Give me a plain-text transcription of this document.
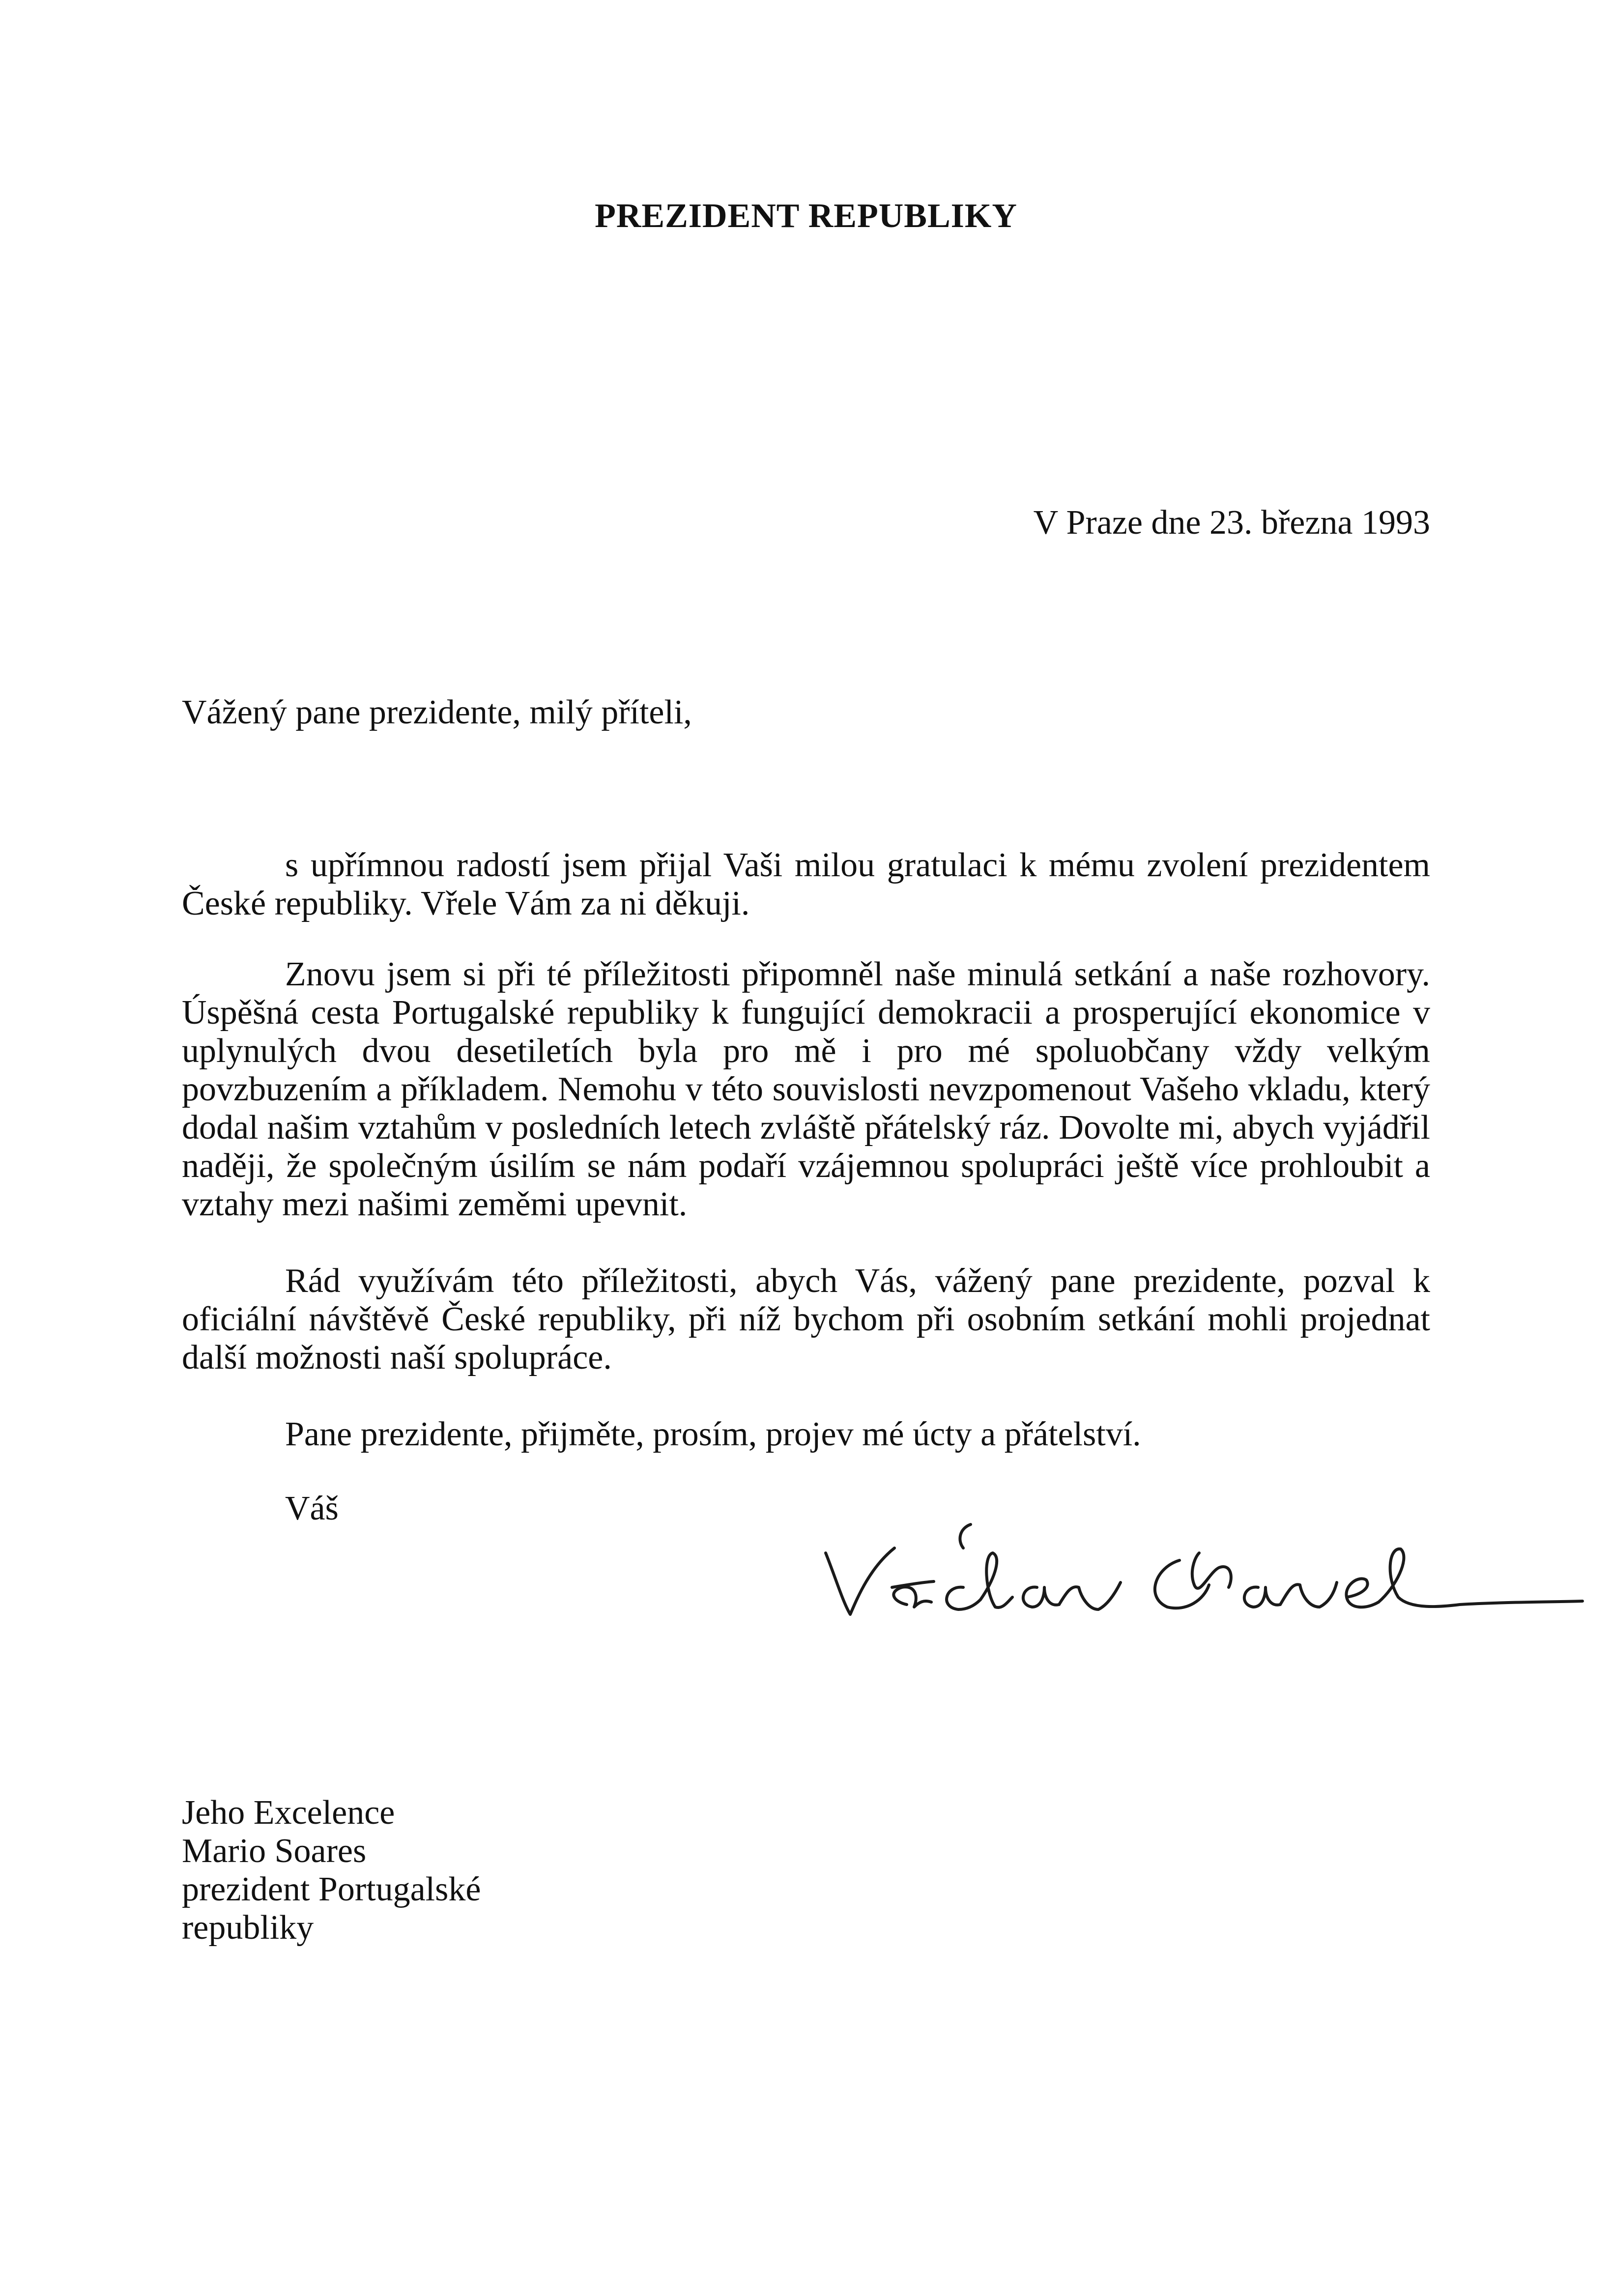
PREZIDENT REPUBLIKY
V Praze dne 23. března 1993
Vážený pane prezidente, milý příteli,

s upřímnou radostí jsem přijal Vaši milou gratulaci k mému zvolení prezidentem České republiky. Vřele Vám za ni děkuji.

Znovu jsem si při té příležitosti připomněl naše minulá setkání a naše rozhovory. Úspěšná cesta Portugalské republiky k fungující demokracii a prosperující ekonomice v uplynulých dvou desetiletích byla pro mě i pro mé spoluobčany vždy velkým povzbuzením a příkladem. Nemohu v této souvislosti nevzpomenout Vašeho vkladu, který dodal našim vztahům v posledních letech zvláště přátelský ráz. Dovolte mi, abych vyjádřil naději, že společným úsilím se nám podaří vzájemnou spolupráci ještě více prohloubit a vztahy mezi našimi zeměmi upevnit.

Rád využívám této příležitosti, abych Vás, vážený pane prezidente, pozval k oficiální návštěvě České republiky, při níž bychom při osobním setkání mohli projednat další možnosti naší spolupráce.

Pane prezidente, přijměte, prosím, projev mé úcty a přátelství.

Váš
Jeho Excelence
Mario Soares
prezident Portugalské
republiky
